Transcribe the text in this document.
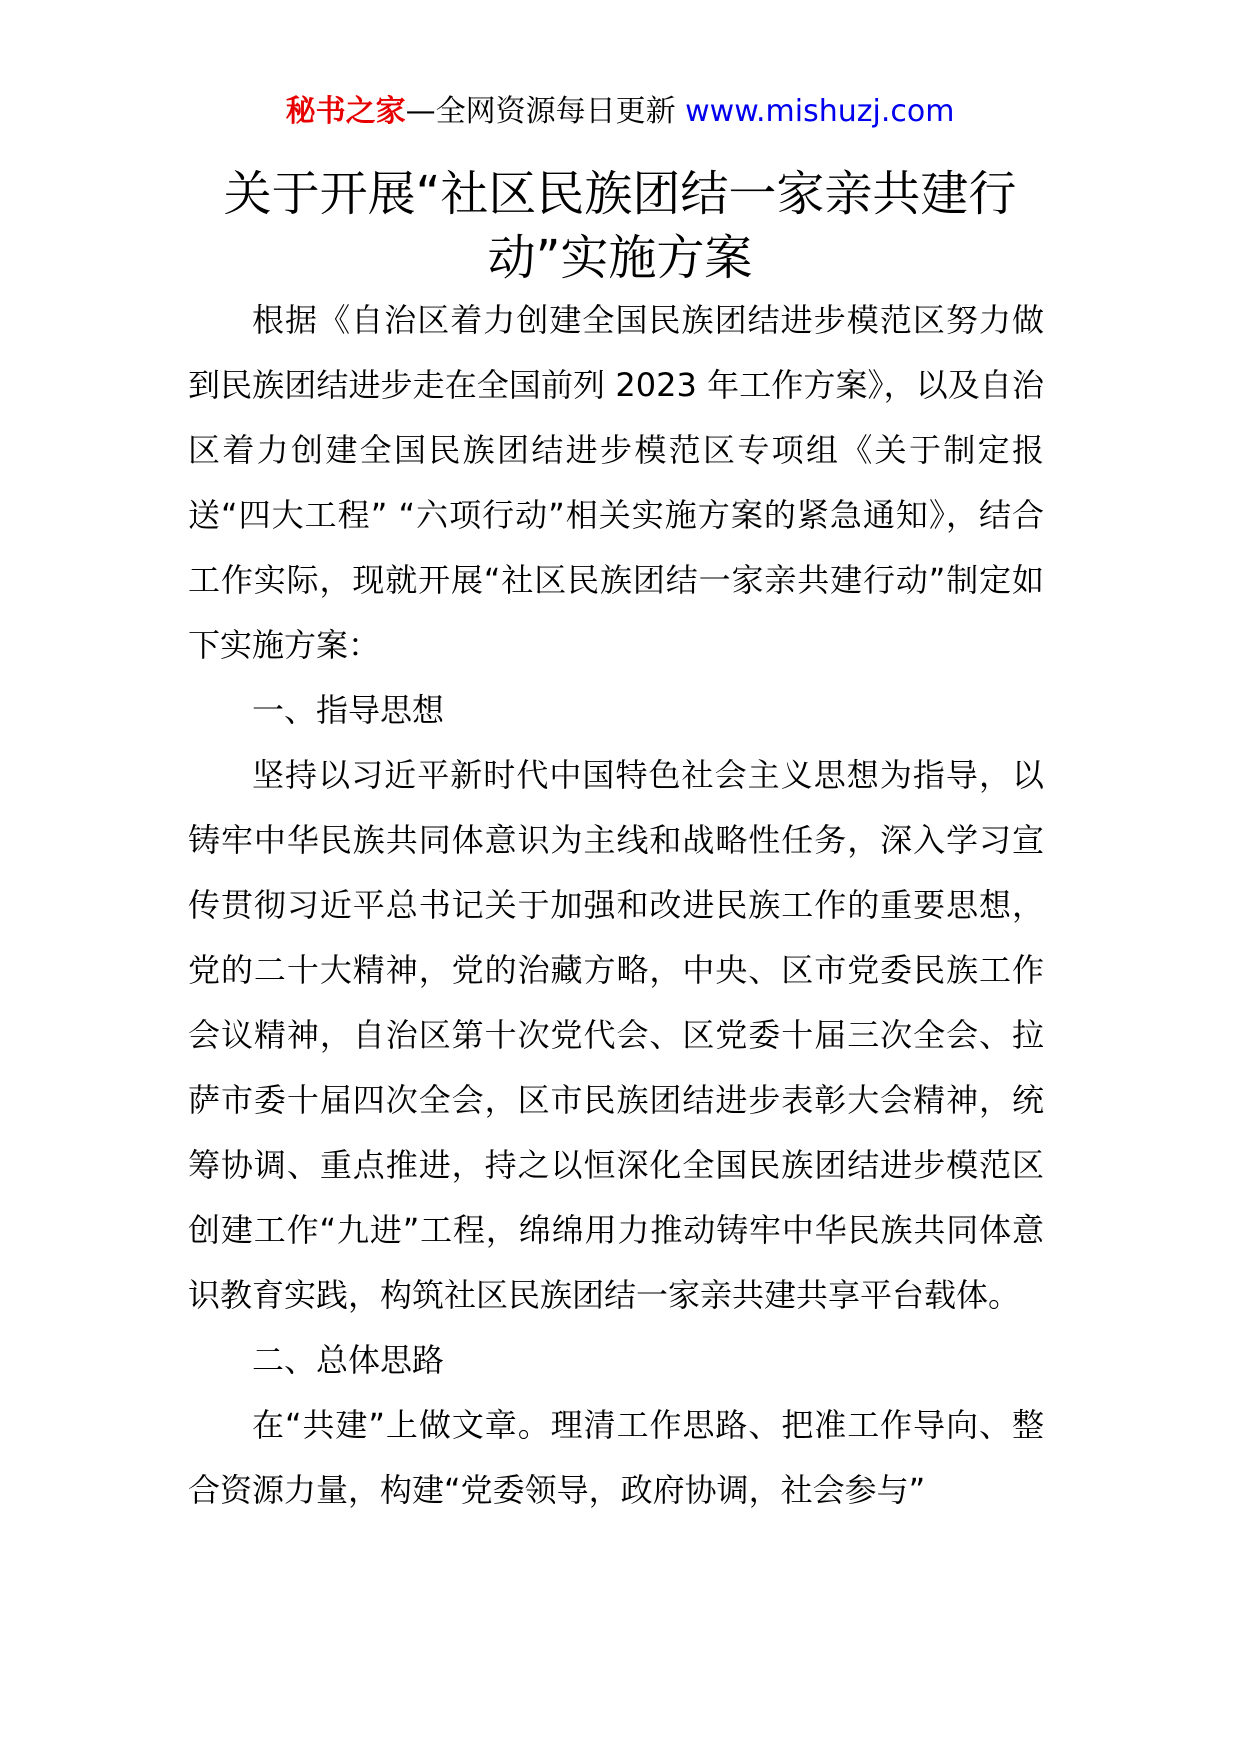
秘书之家—全网资源每日更新 www.mishuzj.com
关于开展“社区民族团结一家亲共建行动”实施方案

根据《自治区着力创建全国民族团结进步模范区努力做到民族团结进步走在全国前列 2023 年工作方案》，以及自治区着力创建全国民族团结进步模范区专项组《关于制定报送“四大工程” “六项行动”相关实施方案的紧急通知》，结合工作实际，现就开展“社区民族团结一家亲共建行动”制定如下实施方案：

一、指导思想

坚持以习近平新时代中国特色社会主义思想为指导，以铸牢中华民族共同体意识为主线和战略性任务，深入学习宣传贯彻习近平总书记关于加强和改进民族工作的重要思想，党的二十大精神，党的治藏方略，中央、区市党委民族工作会议精神，自治区第十次党代会、区党委十届三次全会、拉萨市委十届四次全会，区市民族团结进步表彰大会精神，统筹协调、重点推进，持之以恒深化全国民族团结进步模范区创建工作“九进”工程，绵绵用力推动铸牢中华民族共同体意识教育实践，构筑社区民族团结一家亲共建共享平台载体。

二、总体思路

在“共建”上做文章。理清工作思路、把准工作导向、整合资源力量，构建“党委领导，政府协调，社会参与”
